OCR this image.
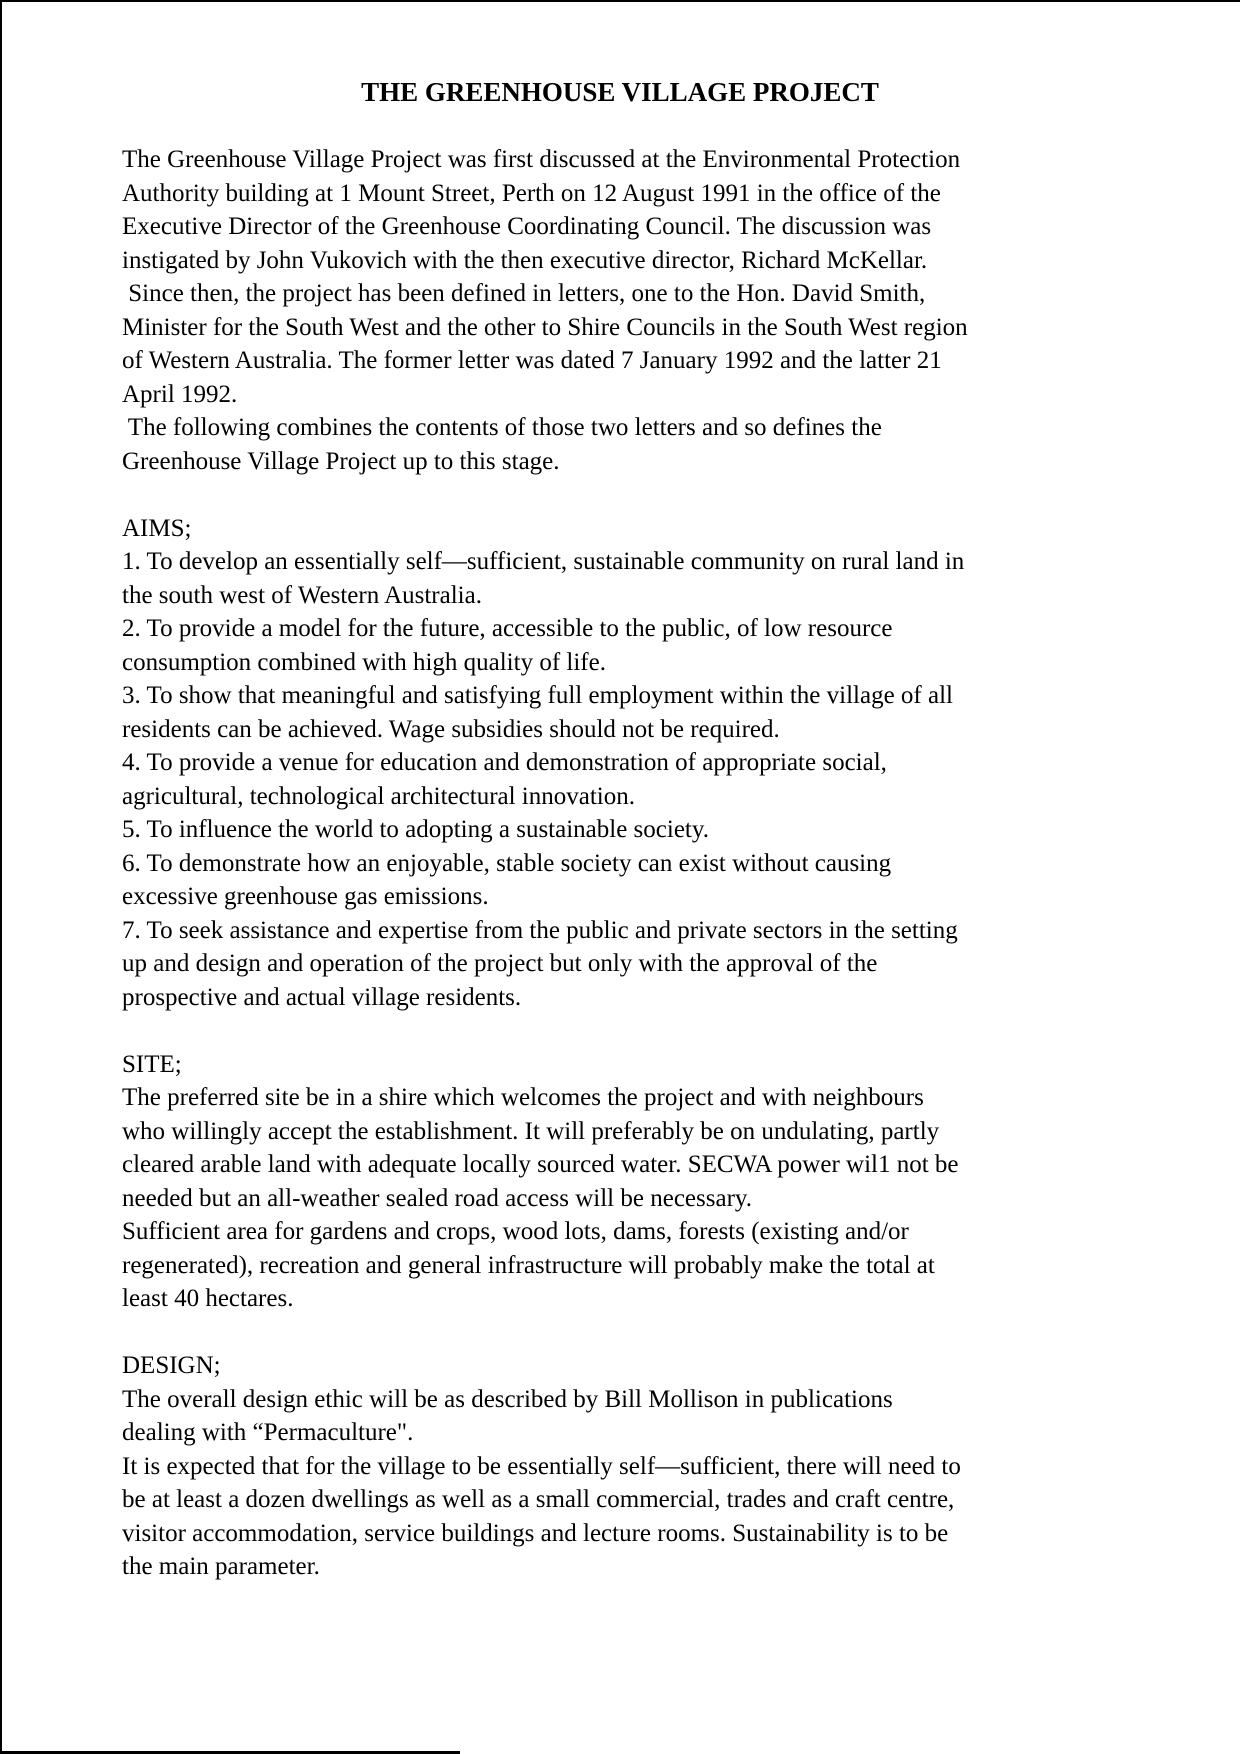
THE GREENHOUSE VILLAGE PROJECT
The Greenhouse Village Project was first discussed at the Environmental Protection
Authority building at 1 Mount Street, Perth on 12 August 1991 in the office of the
Executive Director of the Greenhouse Coordinating Council. The discussion was
instigated by John Vukovich with the then executive director, Richard McKellar.
Since then, the project has been defined in letters, one to the Hon. David Smith,
Minister for the South West and the other to Shire Councils in the South West region
of Western Australia. The former letter was dated 7 January 1992 and the latter 21
April 1992.
The following combines the contents of those two letters and so defines the
Greenhouse Village Project up to this stage.
AIMS;
1. To develop an essentially self—sufficient, sustainable community on rural land in
the south west of Western Australia.
2. To provide a model for the future, accessible to the public, of low resource
consumption combined with high quality of life.
3. To show that meaningful and satisfying full employment within the village of all
residents can be achieved. Wage subsidies should not be required.
4. To provide a venue for education and demonstration of appropriate social,
agricultural, technological architectural innovation.
5. To influence the world to adopting a sustainable society.
6. To demonstrate how an enjoyable, stable society can exist without causing
excessive greenhouse gas emissions.
7. To seek assistance and expertise from the public and private sectors in the setting
up and design and operation of the project but only with the approval of the
prospective and actual village residents.
SITE;
The preferred site be in a shire which welcomes the project and with neighbours
who willingly accept the establishment. It will preferably be on undulating, partly
cleared arable land with adequate locally sourced water. SECWA power wil1 not be
needed but an all-weather sealed road access will be necessary.
Sufficient area for gardens and crops, wood lots, dams, forests (existing and/or
regenerated), recreation and general infrastructure will probably make the total at
least 40 hectares.
DESIGN;
The overall design ethic will be as described by Bill Mollison in publications
dealing with “Permaculture".
It is expected that for the village to be essentially self—sufficient, there will need to
be at least a dozen dwellings as well as a small commercial, trades and craft centre,
visitor accommodation, service buildings and lecture rooms. Sustainability is to be
the main parameter.
